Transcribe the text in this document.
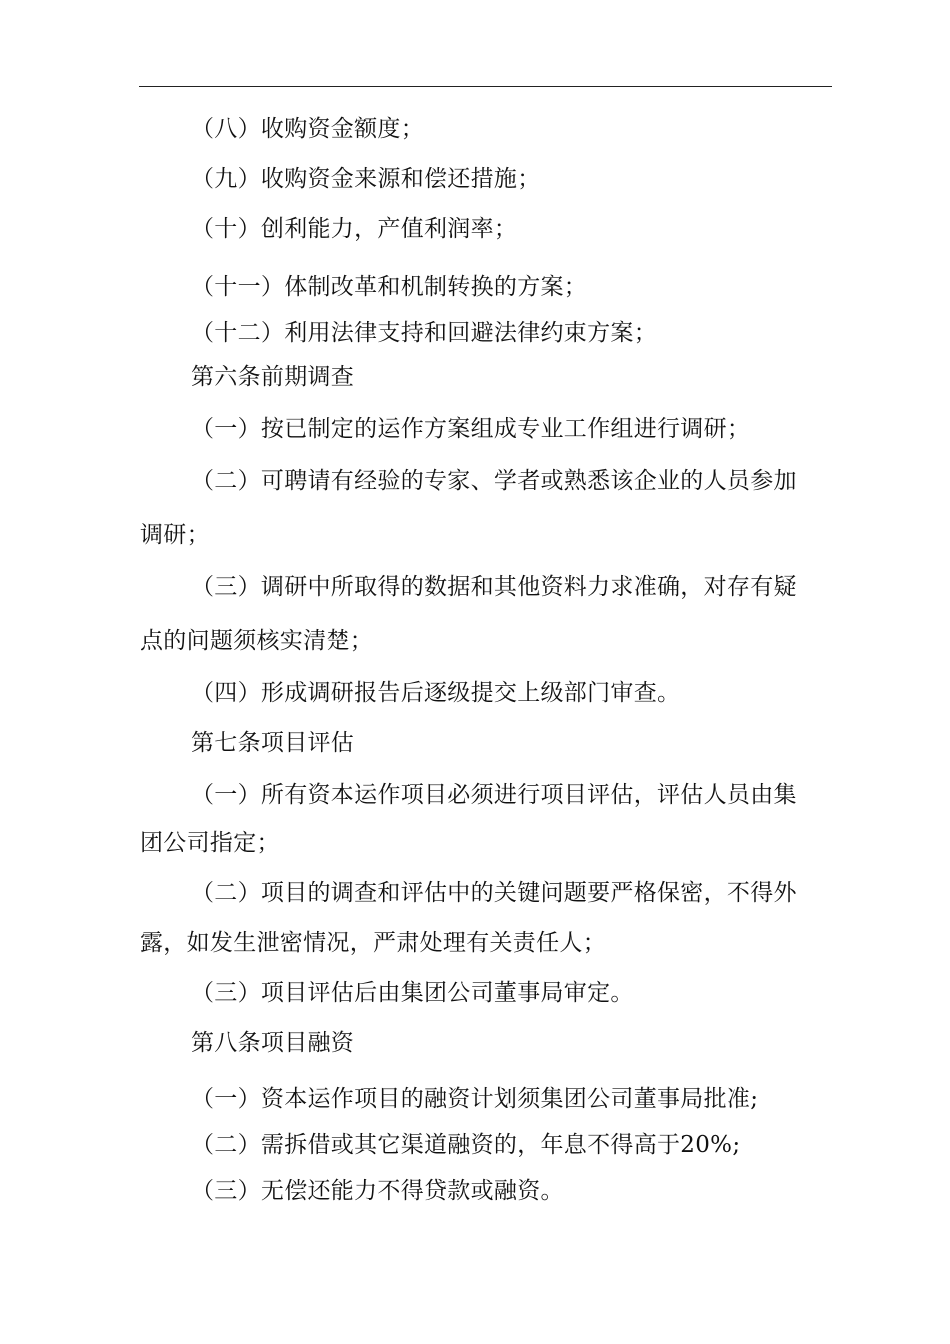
（八）收购资金额度；
（九）收购资金来源和偿还措施；
（十）创利能力，产值利润率；
（十一）体制改革和机制转换的方案；
（十二）利用法律支持和回避法律约束方案；
第六条前期调查
（一）按已制定的运作方案组成专业工作组进行调研；
（二）可聘请有经验的专家、学者或熟悉该企业的人员参加
调研；
（三）调研中所取得的数据和其他资料力求准确，对存有疑
点的问题须核实清楚；
（四）形成调研报告后逐级提交上级部门审查。
第七条项目评估
（一）所有资本运作项目必须进行项目评估，评估人员由集
团公司指定；
（二）项目的调查和评估中的关键问题要严格保密，不得外
露，如发生泄密情况，严肃处理有关责任人；
（三）项目评估后由集团公司董事局审定。
第八条项目融资
（一）资本运作项目的融资计划须集团公司董事局批准;
（二）需拆借或其它渠道融资的，年息不得高于20%;
（三）无偿还能力不得贷款或融资。
